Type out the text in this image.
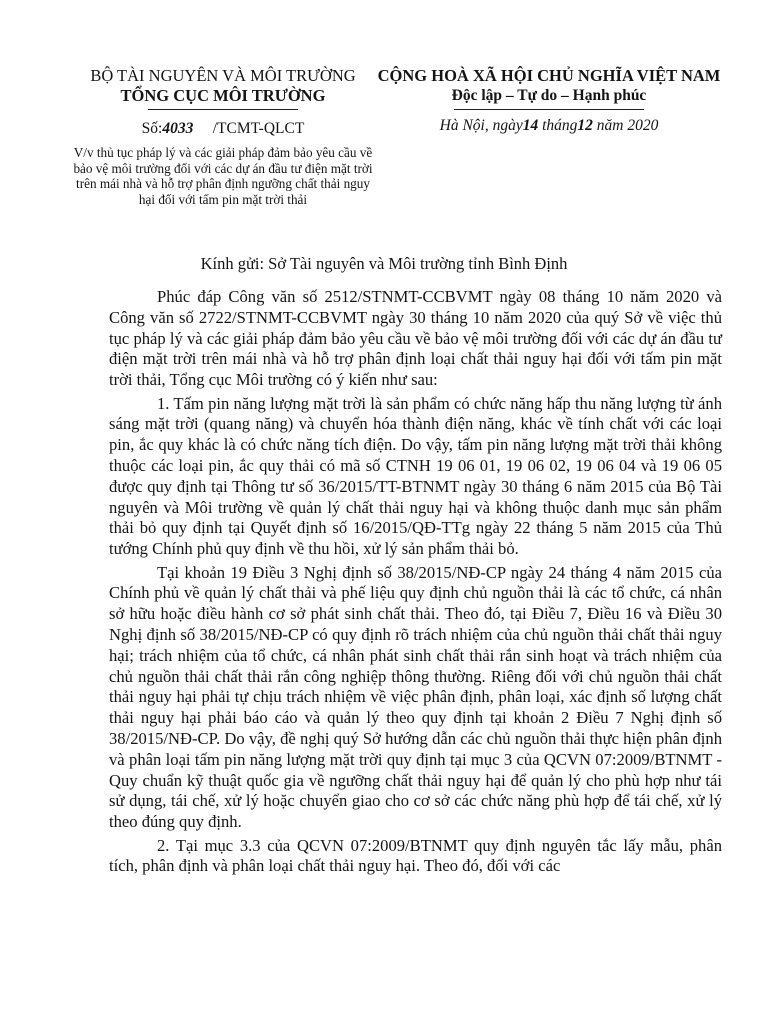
BỘ TÀI NGUYÊN VÀ MÔI TRƯỜNG
TỔNG CỤC MÔI TRƯỜNG
Số:4033 /TCMT-QLCT
V/v thủ tục pháp lý và các giải pháp đảm bảo yêu cầu về bảo vệ môi trường đối với các dự án đầu tư điện mặt trời trên mái nhà và hỗ trợ phân định ngưỡng chất thải nguy hại đối với tấm pin mặt trời thải
CỘNG HOÀ XÃ HỘI CHỦ NGHĨA VIỆT NAM
Độc lập – Tự do – Hạnh phúc
Hà Nội, ngày14 tháng12 năm 2020
Kính gửi: Sở Tài nguyên và Môi trường tỉnh Bình Định

Phúc đáp Công văn số 2512/STNMT-CCBVMT ngày 08 tháng 10 năm 2020 và Công văn số 2722/STNMT-CCBVMT ngày 30 tháng 10 năm 2020 của quý Sở về việc thủ tục pháp lý và các giải pháp đảm bảo yêu cầu về bảo vệ môi trường đối với các dự án đầu tư điện mặt trời trên mái nhà và hỗ trợ phân định loại chất thải nguy hại đối với tấm pin mặt trời thải, Tổng cục Môi trường có ý kiến như sau:

1. Tấm pin năng lượng mặt trời là sản phẩm có chức năng hấp thu năng lượng từ ánh sáng mặt trời (quang năng) và chuyển hóa thành điện năng, khác về tính chất với các loại pin, ắc quy khác là có chức năng tích điện. Do vậy, tấm pin năng lượng mặt trời thải không thuộc các loại pin, ắc quy thải có mã số CTNH 19 06 01, 19 06 02, 19 06 04 và 19 06 05 được quy định tại Thông tư số 36/2015/TT-BTNMT ngày 30 tháng 6 năm 2015 của Bộ Tài nguyên và Môi trường về quản lý chất thải nguy hại và không thuộc danh mục sản phẩm thải bỏ quy định tại Quyết định số 16/2015/QĐ-TTg ngày 22 tháng 5 năm 2015 của Thủ tướng Chính phủ quy định về thu hồi, xử lý sản phẩm thải bỏ.

Tại khoản 19 Điều 3 Nghị định số 38/2015/NĐ-CP ngày 24 tháng 4 năm 2015 của Chính phủ về quản lý chất thải và phế liệu quy định chủ nguồn thải là các tổ chức, cá nhân sở hữu hoặc điều hành cơ sở phát sinh chất thải. Theo đó, tại Điều 7, Điều 16 và Điều 30 Nghị định số 38/2015/NĐ-CP có quy định rõ trách nhiệm của chủ nguồn thải chất thải nguy hại; trách nhiệm của tổ chức, cá nhân phát sinh chất thải rắn sinh hoạt và trách nhiệm của chủ nguồn thải chất thải rắn công nghiệp thông thường. Riêng đối với chủ nguồn thải chất thải nguy hại phải tự chịu trách nhiệm về việc phân định, phân loại, xác định số lượng chất thải nguy hại phải báo cáo và quản lý theo quy định tại khoản 2 Điều 7 Nghị định số 38/2015/NĐ-CP. Do vậy, đề nghị quý Sở hướng dẫn các chủ nguồn thải thực hiện phân định và phân loại tấm pin năng lượng mặt trời quy định tại mục 3 của QCVN 07:2009/BTNMT - Quy chuẩn kỹ thuật quốc gia về ngưỡng chất thải nguy hại để quản lý cho phù hợp như tái sử dụng, tái chế, xử lý hoặc chuyển giao cho cơ sở các chức năng phù hợp để tái chế, xử lý theo đúng quy định.

2. Tại mục 3.3 của QCVN 07:2009/BTNMT quy định nguyên tắc lấy mẫu, phân tích, phân định và phân loại chất thải nguy hại. Theo đó, đối với các
